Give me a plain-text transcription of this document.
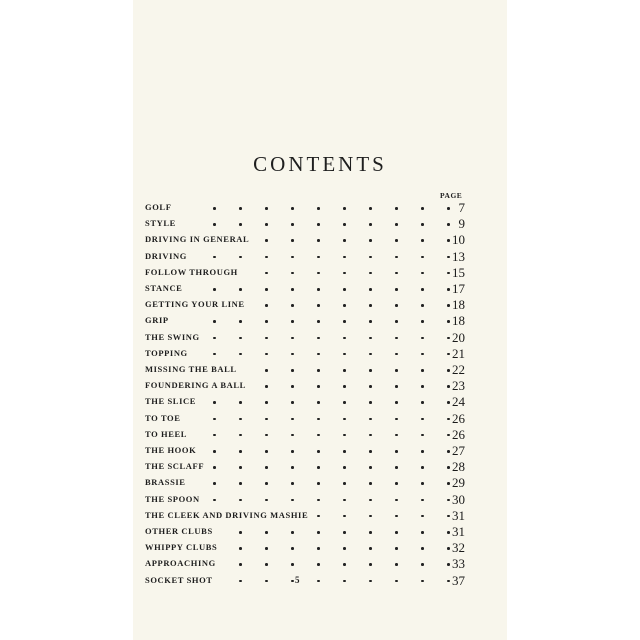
CONTENTS
PAGE
GOLF	7
STYLE	9
DRIVING IN GENERAL	10
DRIVING	13
FOLLOW THROUGH	15
STANCE	17
GETTING YOUR LINE	18
GRIP	18
THE SWING	20
TOPPING	21
MISSING THE BALL	22
FOUNDERING A BALL	23
THE SLICE	24
TO TOE	26
TO HEEL	26
THE HOOK	27
THE SCLAFF	28
BRASSIE	29
THE SPOON	30
THE CLEEK AND DRIVING MASHIE	31
OTHER CLUBS	31
WHIPPY CLUBS	32
APPROACHING	33
SOCKET SHOT	37
5
